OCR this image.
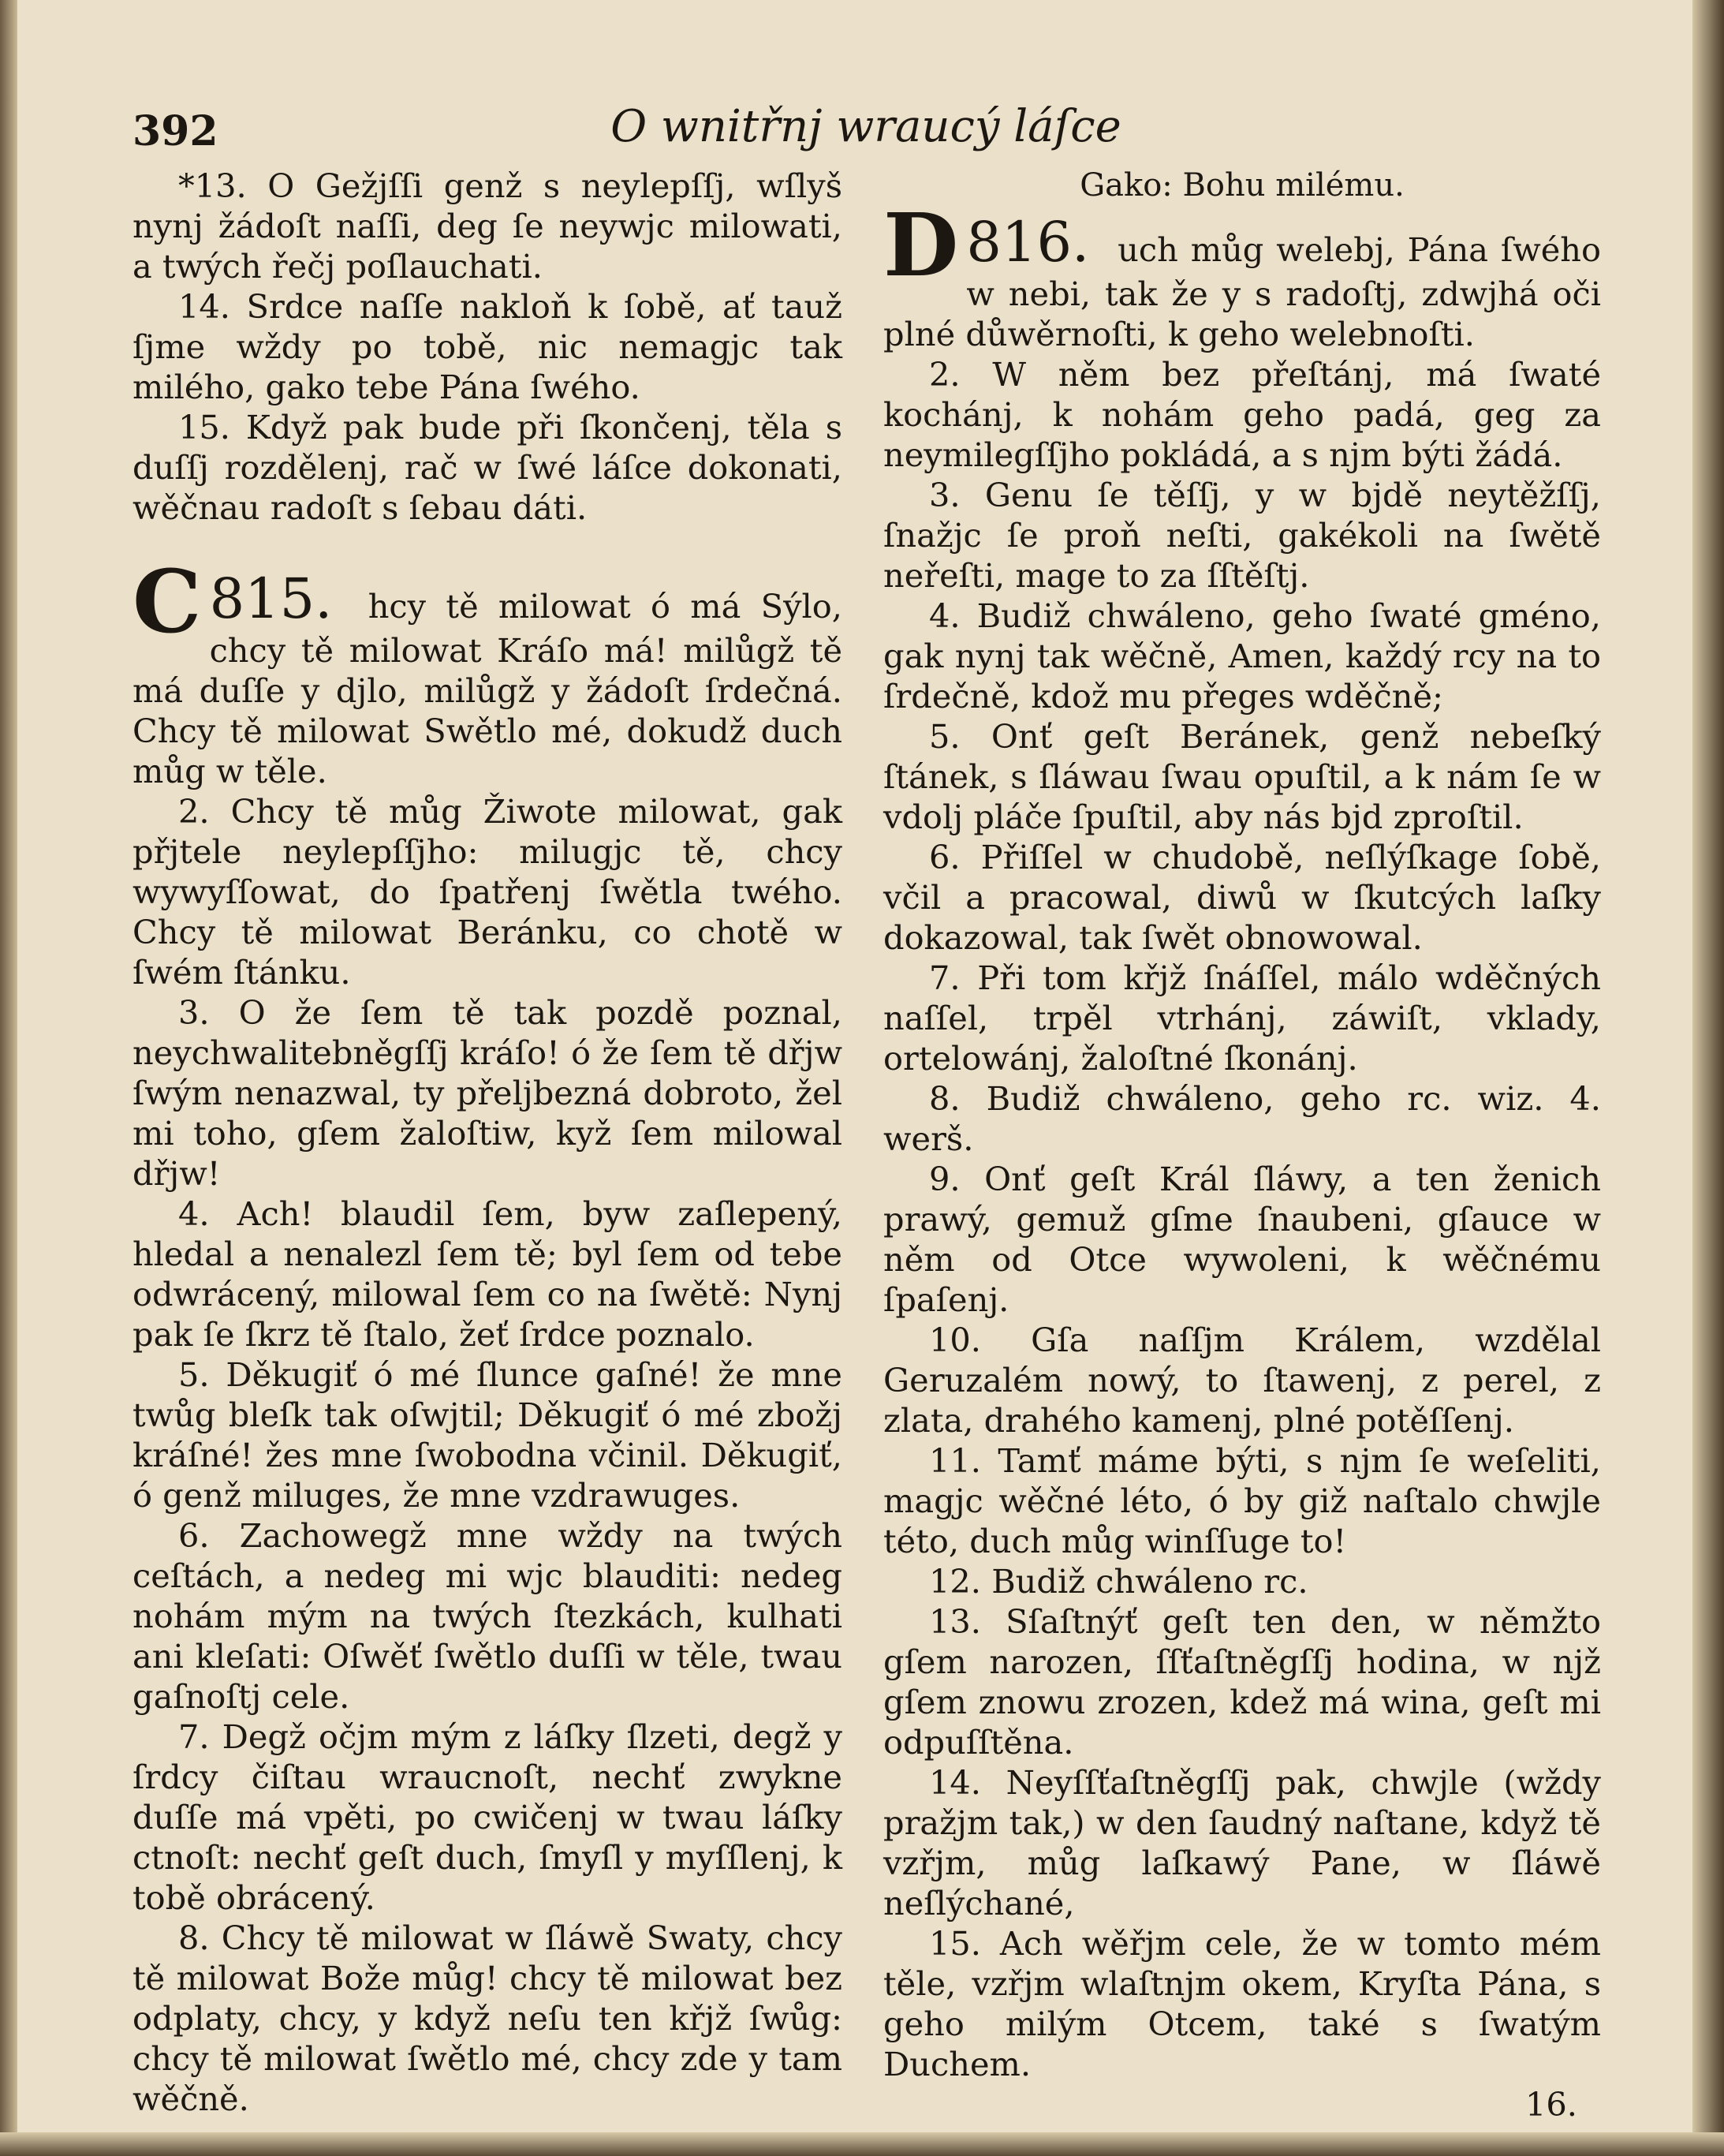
392	O wnitřnj wraucý láſce

*13. O Gežjſſi genž s neylepſſj, wſlyš nynj žádoſt naſſi, deg ſe neywjc milowati, a twých řečj poſlauchati.

14. Srdce naſſe nakloň k ſobě, ať tauž ſjme wždy po tobě, nic nemagjc tak milého, gako tebe Pána ſwého.

15. Když pak bude při ſkončenj, těla s duſſj rozdělenj, rač w ſwé láſce dokonati, wěčnau radoſt s ſebau dáti.

815.
C	hcy tě milowat ó má Sýlo, chcy tě milowat Kráſo má! milůgž tě má duſſe y djlo, milůgž y žádoſt ſrdečná. Chcy tě milowat Swětlo mé, dokudž duch můg w těle.

2. Chcy tě můg Žiwote milowat, gak přjtele neylepſſjho: milugjc tě, chcy wywyſſowat, do ſpatřenj ſwětla twého. Chcy tě milowat Beránku, co chotě w ſwém ſtánku.

3. O že ſem tě tak pozdě poznal, neychwalitebněgſſj kráſo! ó že ſem tě dřjw ſwým nenazwal, ty přeljbezná dobroto, žel mi toho, gſem žaloſtiw, kyž ſem milowal dřjw!

4. Ach! blaudil ſem, byw zaſlepený, hledal a nenalezl ſem tě; byl ſem od tebe odwrácený, milowal ſem co na ſwětě: Nynj pak ſe ſkrz tě ſtalo, žeť ſrdce poznalo.

5. Děkugiť ó mé ſlunce gaſné! že mne twůg bleſk tak oſwjtil; Děkugiť ó mé zbožj kráſné! žes mne ſwobodna včinil. Děkugiť, ó genž miluges, že mne vzdrawuges.

6. Zachowegž mne wždy na twých ceſtách, a nedeg mi wjc blauditi: nedeg nohám mým na twých ſtezkách, kulhati ani kleſati: Oſwěť ſwětlo duſſi w těle, twau gaſnoſtj cele.

7. Degž očjm mým z láſky ſlzeti, degž y ſrdcy čiſtau wraucnoſt, nechť zwykne duſſe má vpěti, po cwičenj w twau láſky ctnoſt: nechť geſt duch, ſmyſl y myſſlenj, k tobě obrácený.

8. Chcy tě milowat w ſláwě Swaty, chcy tě milowat Bože můg! chcy tě milowat bez odplaty, chcy, y když neſu ten křjž ſwůg: chcy tě milowat ſwětlo mé, chcy zde y tam wěčně.

Gako: Bohu milému.

816.
D	uch můg welebj, Pána ſwého w nebi, tak že y s radoſtj, zdwjhá oči plné důwěrnoſti, k geho welebnoſti.

2. W něm bez přeſtánj, má ſwaté kochánj, k nohám geho padá, geg za neymilegſſjho pokládá, a s njm býti žádá.

3. Genu ſe těſſj, y w bjdě neytěžſſj, ſnažjc ſe proň neſti, gakékoli na ſwětě neřeſti, mage to za ſſtěſtj.

4. Budiž chwáleno, geho ſwaté gméno, gak nynj tak wěčně, Amen, každý rcy na to ſrdečně, kdož mu přeges wděčně;

5. Onť geſt Beránek, genž nebeſký ſtánek, s ſláwau ſwau opuſtil, a k nám ſe w vdolj pláče ſpuſtil, aby nás bjd zproſtil.

6. Přiſſel w chudobě, neſlýſkage ſobě, včil a pracowal, diwů w ſkutcých laſky dokazowal, tak ſwět obnowowal.

7. Při tom křjž ſnáſſel, málo wděčných naſſel, trpěl vtrhánj, záwiſt, vklady, ortelowánj, žaloſtné ſkonánj.

8. Budiž chwáleno, geho rc. wiz. 4. werš.

9. Onť geſt Král ſláwy, a ten ženich prawý, gemuž gſme ſnaubeni, gſauce w něm od Otce wywoleni, k wěčnému ſpaſenj.

10. Gſa naſſjm Králem, wzdělal Geruzalém nowý, to ſtawenj, z perel, z zlata, drahého kamenj, plné potěſſenj.

11. Tamť máme býti, s njm ſe weſeliti, magjc wěčné léto, ó by giž naſtalo chwjle této, duch můg winſſuge to!

12. Budiž chwáleno rc.

13. Sſaſtnýť geſt ten den, w němžto gſem narozen, ſſťaſtněgſſj hodina, w njž gſem znowu zrozen, kdež má wina, geſt mi odpuſſtěna.

14. Neyſſťaſtněgſſj pak, chwjle (wždy pražjm tak,) w den ſaudný naſtane, když tě vzřjm, můg laſkawý Pane, w ſláwě neſlýchané,

15. Ach wěřjm cele, že w tomto mém těle, vzřjm wlaſtnjm okem, Kryſta Pána, s geho milým Otcem, také s ſwatým Duchem.

16.
